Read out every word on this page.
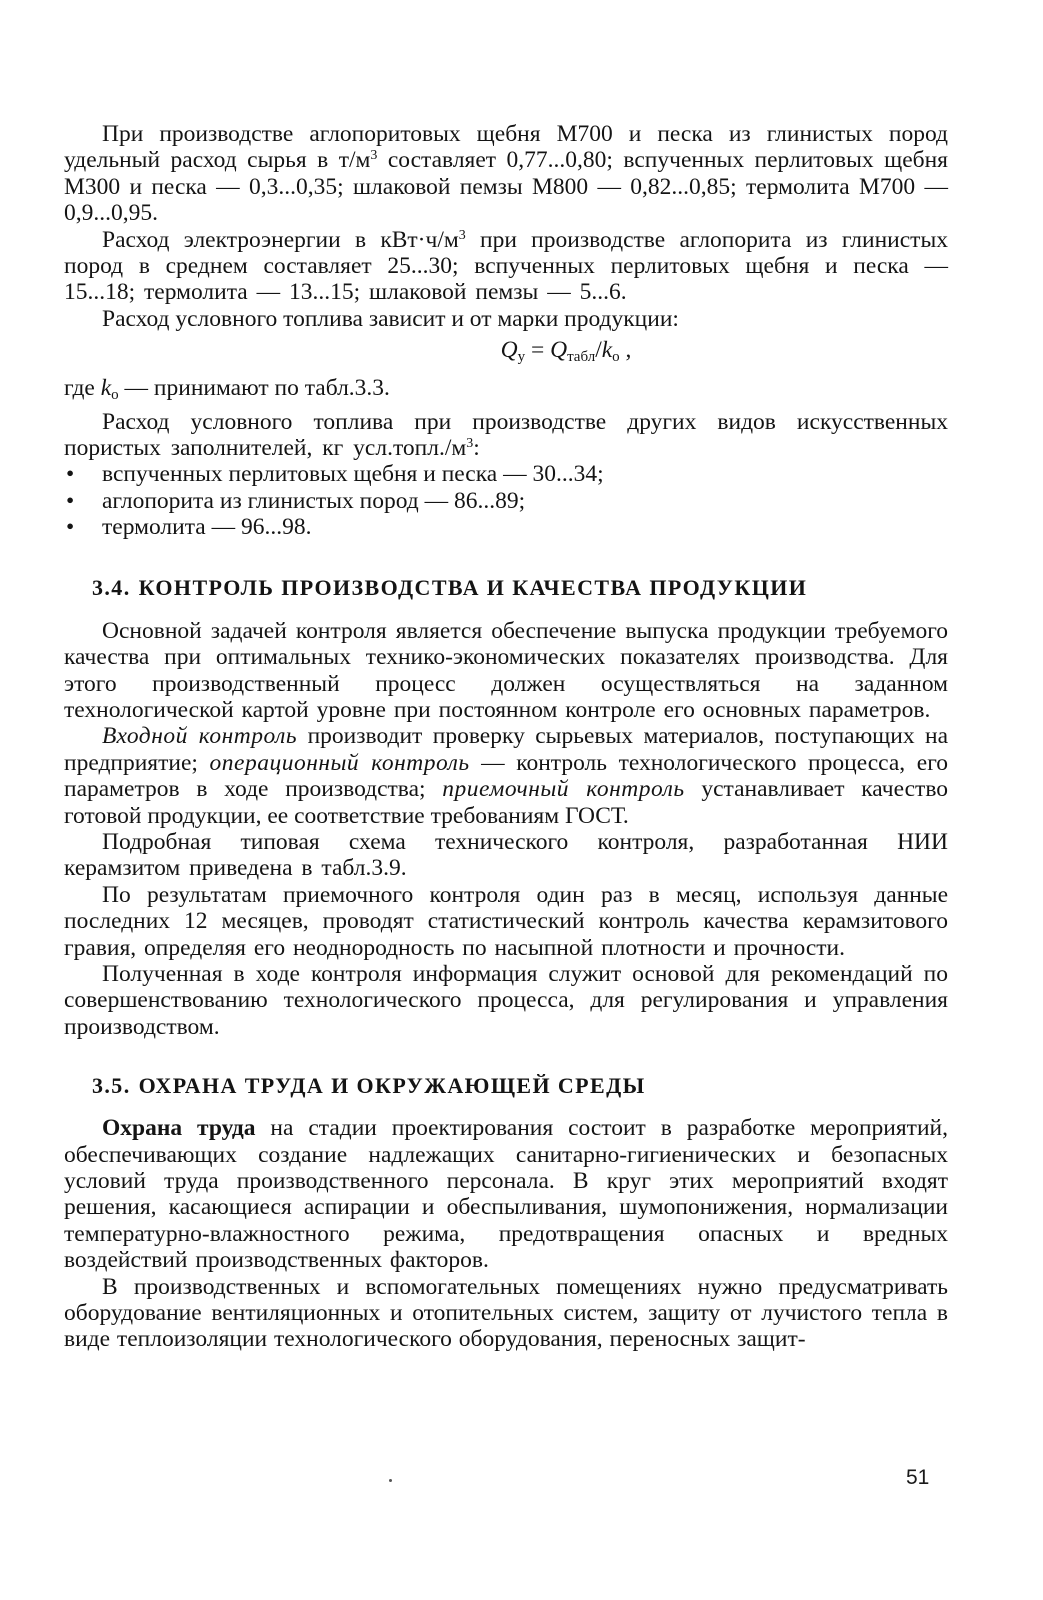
При производстве аглопоритовых щебня М700 и песка из глинистых пород удельный расход сырья в $т/м^3$ составляет 0,77...0,80; вспученных перлитовых щебня М300 и песка — 0,3...0,35; шлаковой пемзы М800 — 0,82...0,85; термолита М700 — 0,9...0,95.

Расход электроэнергии в $кВт\cdot ч/м^3$ при производстве аглопорита из глинистых пород в среднем составляет 25...30; вспученных перлитовых щебня и песка — 15...18; термолита — 13...15; шлаковой пемзы — 5...6.

Расход условного топлива зависит и от марки продукции:

$Q_у = Q_{табл}/k_о$ ,

где $k_о$ — принимают по табл.3.3.

Расход условного топлива при производстве других видов искусственных пористых заполнителей, кг $усл.топл./м^3$:

• вспученных перлитовых щебня и песка — 30...34;
• аглопорита из глинистых пород — 86...89;
• термолита — 96...98.
3.4. КОНТРОЛЬ ПРОИЗВОДСТВА И КАЧЕСТВА ПРОДУКЦИИ

Основной задачей контроля является обеспечение выпуска продукции требуемого качества при оптимальных технико-экономических показателях производства. Для этого производственный процесс должен осуществляться на заданном технологической картой уровне при постоянном контроле его основных параметров.

Входной контроль производит проверку сырьевых материалов, поступающих на предприятие; операционный контроль — контроль технологического процесса, его параметров в ходе производства; приемочный контроль устанавливает качество готовой продукции, ее соответствие требованиям ГОСТ.

Подробная типовая схема технического контроля, разработанная НИИ керамзитом приведена в табл.3.9.

По результатам приемочного контроля один раз в месяц, используя данные последних 12 месяцев, проводят статистический контроль качества керамзитового гравия, определяя его неоднородность по насыпной плотности и прочности.

Полученная в ходе контроля информация служит основой для рекомендаций по совершенствованию технологического процесса, для регулирования и управления производством.

3.5. ОХРАНА ТРУДА И ОКРУЖАЮЩЕЙ СРЕДЫ

Охрана труда на стадии проектирования состоит в разработке мероприятий, обеспечивающих создание надлежащих санитарно-гигиенических и безопасных условий труда производственного персонала. В круг этих мероприятий входят решения, касающиеся аспирации и обеспыливания, шумопонижения, нормализации температурно-влажностного режима, предотвращения опасных и вредных воздействий производственных факторов.

В производственных и вспомогательных помещениях нужно предусматривать оборудование вентиляционных и отопительных систем, защиту от лучистого тепла в виде теплоизоляции технологического оборудования, переносных защит-

51
